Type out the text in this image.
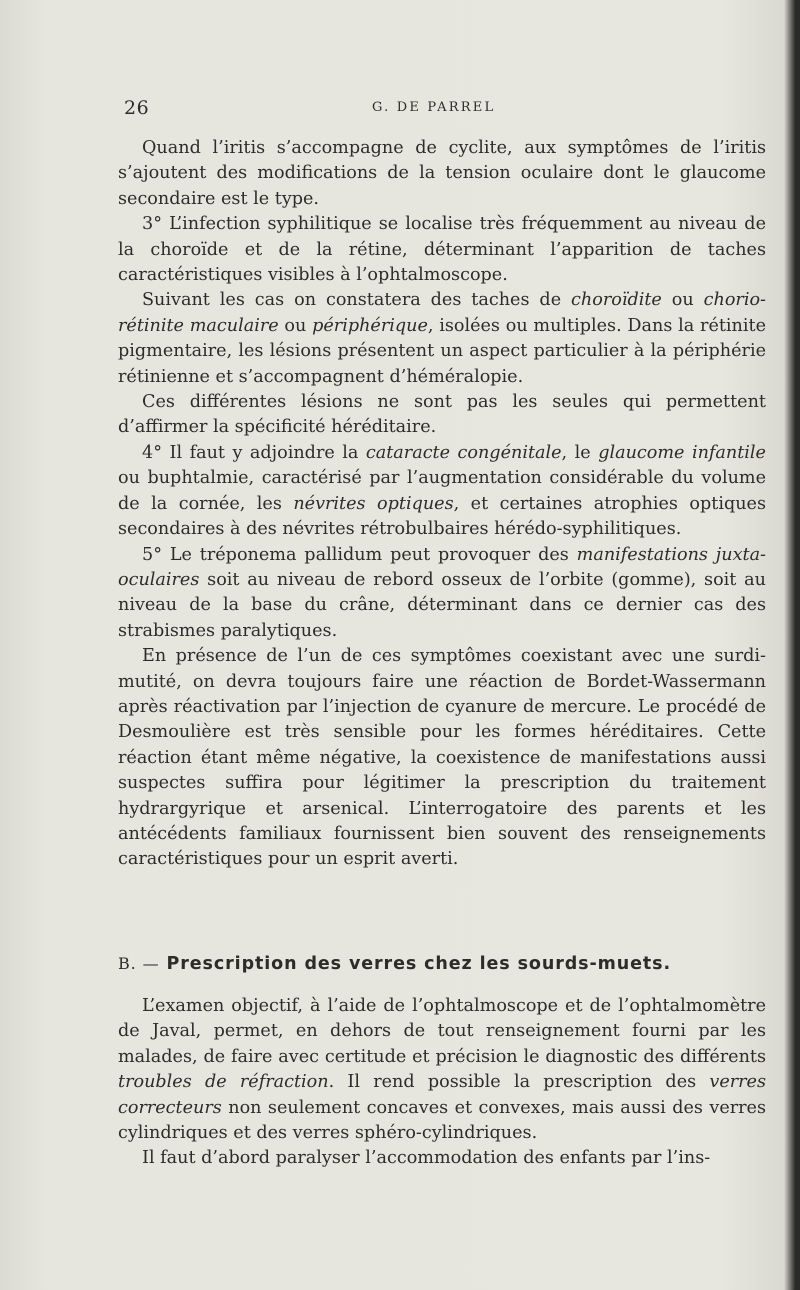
26	G. DE PARREL

Quand l’iritis s’accompagne de cyclite, aux symptômes de l’iritis s’ajoutent des modifications de la tension oculaire dont le glaucome secondaire est le type.

3° L’infection syphilitique se localise très fréquemment au niveau de la choroïde et de la rétine, déterminant l’apparition de taches caractéristiques visibles à l’ophtalmoscope.

Suivant les cas on constatera des taches de choroïdite ou chorio-rétinite maculaire ou périphérique, isolées ou multiples. Dans la rétinite pigmentaire, les lésions présentent un aspect particulier à la périphérie rétinienne et s’accompagnent d’héméralopie.

Ces différentes lésions ne sont pas les seules qui permettent d’affirmer la spécificité héréditaire.

4° Il faut y adjoindre la cataracte congénitale, le glaucome infantile ou buphtalmie, caractérisé par l’augmentation considérable du volume de la cornée, les névrites optiques, et certaines atrophies optiques secondaires à des névrites rétrobulbaires hérédo-syphilitiques.

5° Le tréponema pallidum peut provoquer des manifestations juxta-oculaires soit au niveau de rebord osseux de l’orbite (gomme), soit au niveau de la base du crâne, déterminant dans ce dernier cas des strabismes paralytiques.

En présence de l’un de ces symptômes coexistant avec une surdi-mutité, on devra toujours faire une réaction de Bordet-Wassermann après réactivation par l’injection de cyanure de mercure. Le procédé de Desmoulière est très sensible pour les formes héréditaires. Cette réaction étant même négative, la coexistence de manifestations aussi suspectes suffira pour légitimer la prescription du traitement hydrargyrique et arsenical. L’interrogatoire des parents et les antécédents familiaux fournissent bien souvent des renseignements caractéristiques pour un esprit averti.

B. — Prescription des verres chez les sourds-muets.

L’examen objectif, à l’aide de l’ophtalmoscope et de l’ophtalmomètre de Javal, permet, en dehors de tout renseignement fourni par les malades, de faire avec certitude et précision le diagnostic des différents troubles de réfraction. Il rend possible la prescription des verres correcteurs non seulement concaves et convexes, mais aussi des verres cylindriques et des verres sphéro-cylindriques.

Il faut d’abord paralyser l’accommodation des enfants par l’ins-
